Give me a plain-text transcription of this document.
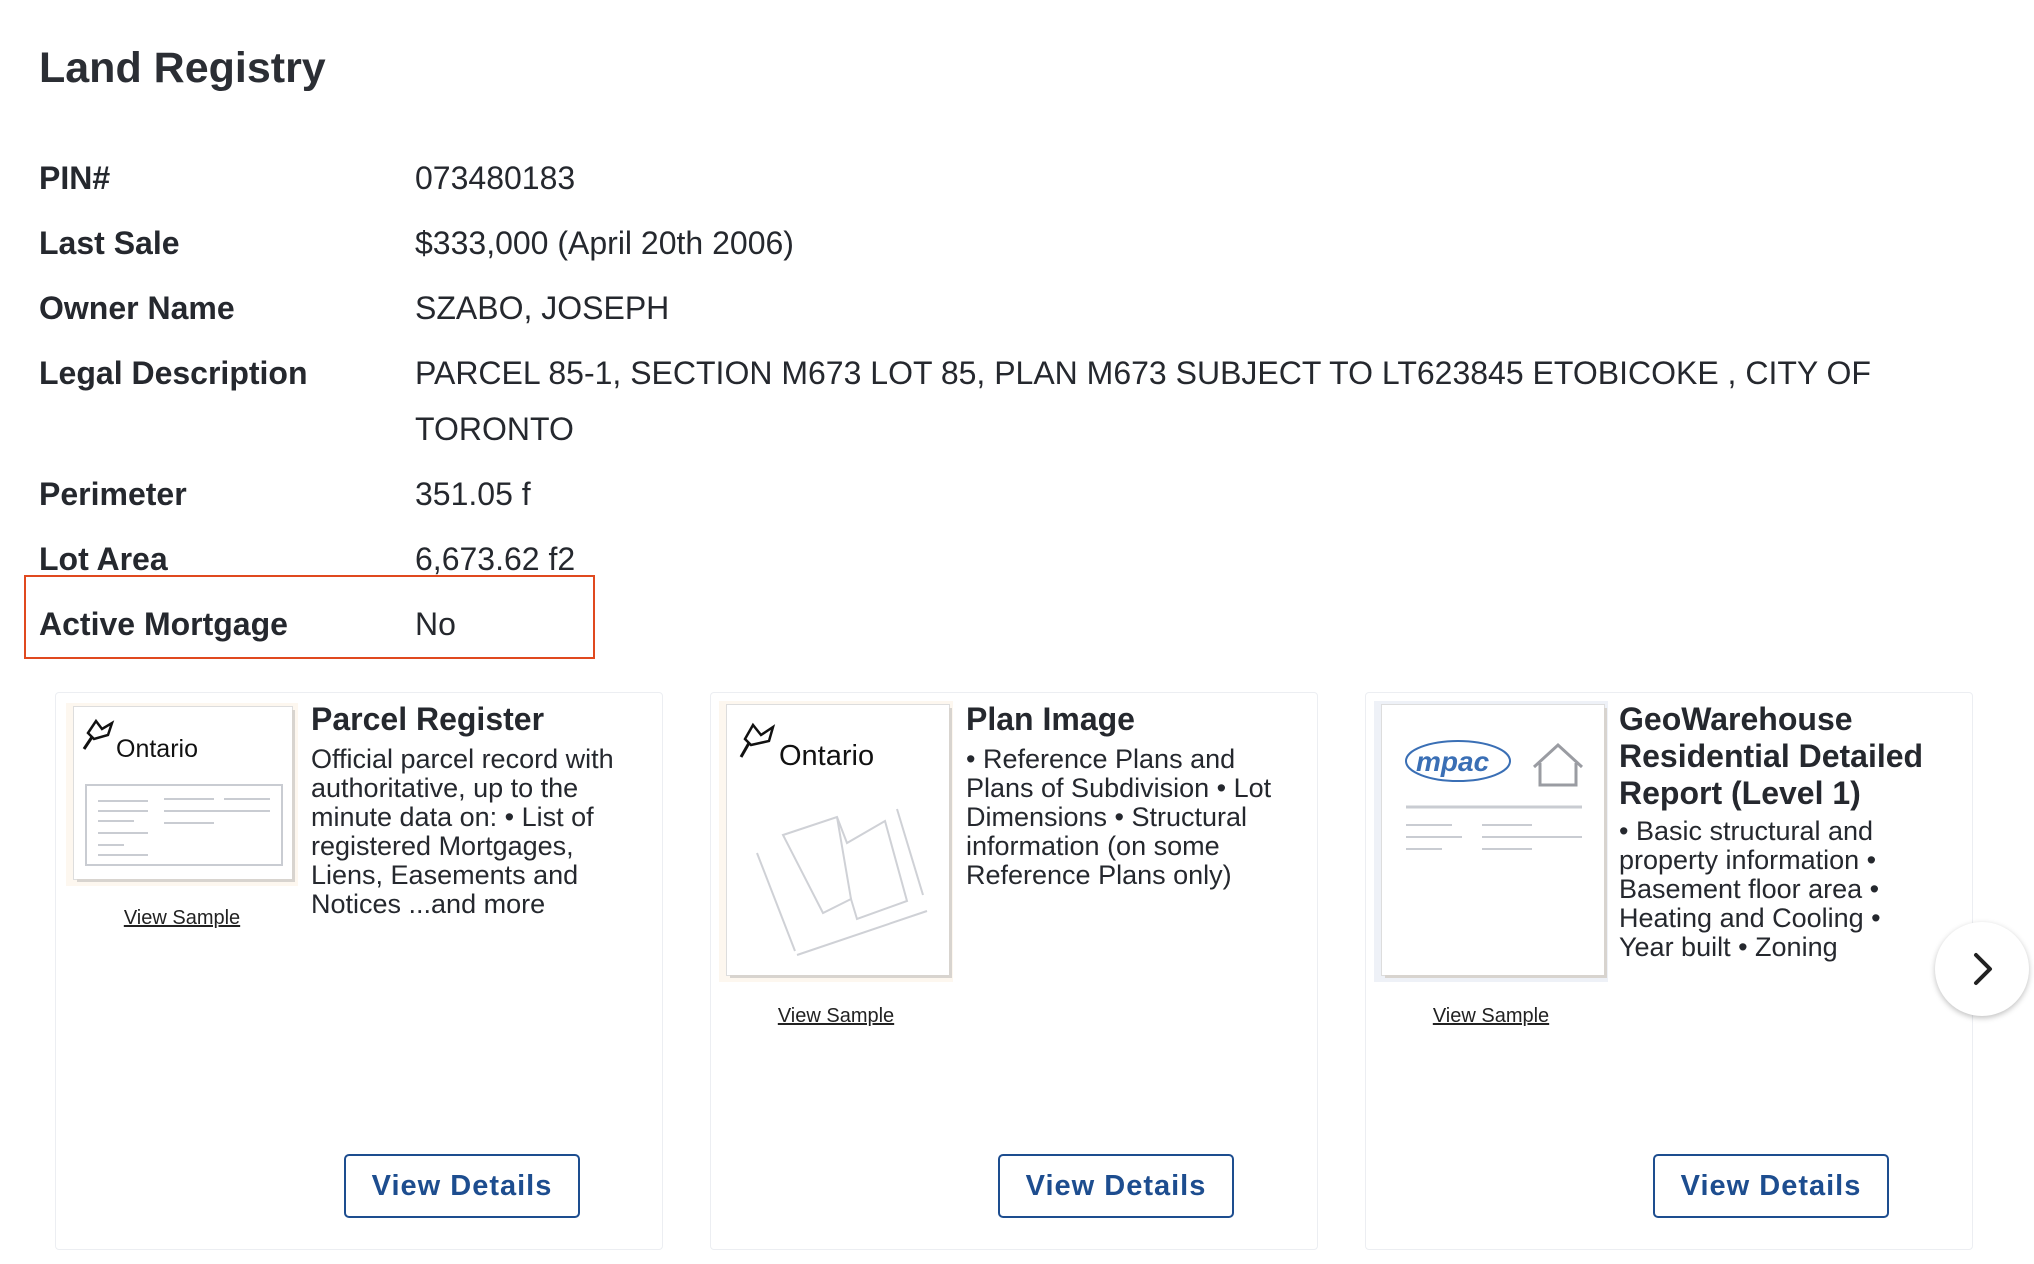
Land Registry
PIN#	073480183
Last Sale	$333,000 (April 20th 2006)
Owner Name	SZABO, JOSEPH
Legal Description	PARCEL 85-1, SECTION M673 LOT 85, PLAN M673 SUBJECT TO LT623845 ETOBICOKE , CITY OF TORONTO
Perimeter	351.05 f
Lot Area	6,673.62 f2
Active Mortgage	No
Ontario
View Sample
Parcel Register
Official parcel record with authoritative, up to the minute data on: • List of registered Mortgages, Liens, Easements and Notices ...and more
View Details
Ontario
View Sample
Plan Image
• Reference Plans and Plans of Subdivision • Lot Dimensions • Structural information (on some Reference Plans only)
View Details
mpac
View Sample
GeoWarehouse Residential Detailed Report (Level 1)
• Basic structural and property information • Basement floor area • Heating and Cooling • Year built • Zoning
View Details
